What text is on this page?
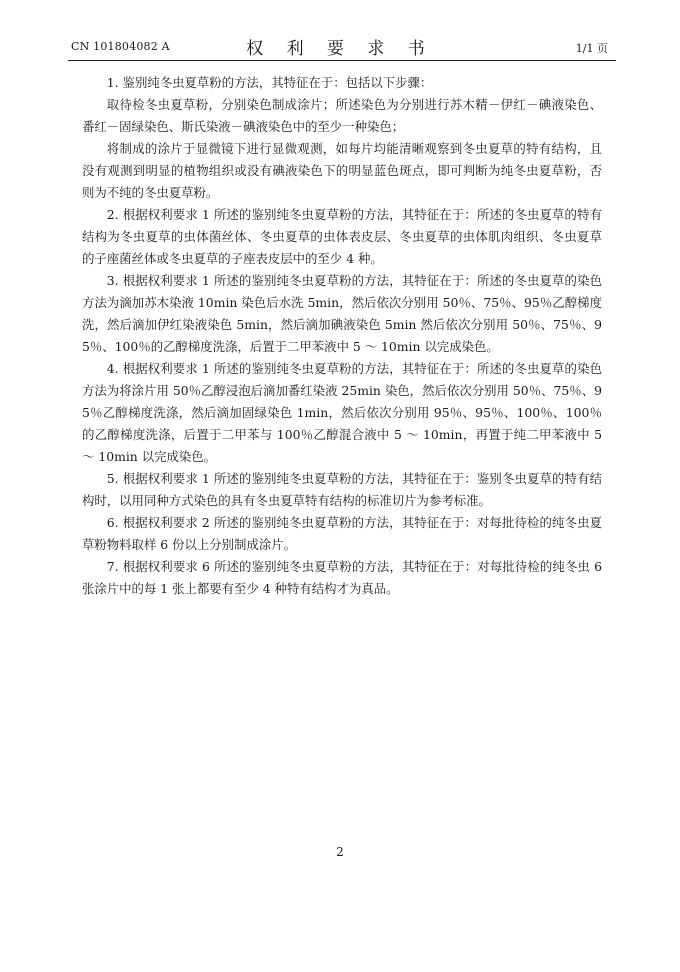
CN 101804082 A	权 利 要 求 书	1/1 页

1. 鉴别纯冬虫夏草粉的方法，其特征在于：包括以下步骤：

取待检冬虫夏草粉，分别染色制成涂片；所述染色为分别进行苏木精－伊红－碘液染色、番红－固绿染色、斯氏染液－碘液染色中的至少一种染色；

将制成的涂片于显微镜下进行显微观测，如每片均能清晰观察到冬虫夏草的特有结构，且没有观测到明显的植物组织或没有碘液染色下的明显蓝色斑点，即可判断为纯冬虫夏草粉，否则为不纯的冬虫夏草粉。

2. 根据权利要求 1 所述的鉴别纯冬虫夏草粉的方法，其特征在于：所述的冬虫夏草的特有结构为冬虫夏草的虫体菌丝体、冬虫夏草的虫体表皮层、冬虫夏草的虫体肌肉组织、冬虫夏草的子座菌丝体或冬虫夏草的子座表皮层中的至少 4 种。

3. 根据权利要求 1 所述的鉴别纯冬虫夏草粉的方法，其特征在于：所述的冬虫夏草的染色方法为滴加苏木染液 10min 染色后水洗 5min，然后依次分别用 50％、75％、95％乙醇梯度洗，然后滴加伊红染液染色 5min，然后滴加碘液染色 5min 然后依次分别用 50％、75％、95％、100％的乙醇梯度洗涤，后置于二甲苯液中 5 ～ 10min 以完成染色。

4. 根据权利要求 1 所述的鉴别纯冬虫夏草粉的方法，其特征在于：所述的冬虫夏草的染色方法为将涂片用 50％乙醇浸泡后滴加番红染液 25min 染色，然后依次分别用 50％、75％、95％乙醇梯度洗涤，然后滴加固绿染色 1min，然后依次分别用 95％、95％、100％、100％的乙醇梯度洗涤，后置于二甲苯与 100％乙醇混合液中 5 ～ 10min，再置于纯二甲苯液中 5 ～ 10min 以完成染色。

5. 根据权利要求 1 所述的鉴别纯冬虫夏草粉的方法，其特征在于：鉴别冬虫夏草的特有结构时，以用同种方式染色的具有冬虫夏草特有结构的标准切片为参考标准。

6. 根据权利要求 2 所述的鉴别纯冬虫夏草粉的方法，其特征在于：对每批待检的纯冬虫夏草粉物料取样 6 份以上分别制成涂片。

7. 根据权利要求 6 所述的鉴别纯冬虫夏草粉的方法，其特征在于：对每批待检的纯冬虫 6 张涂片中的每 1 张上都要有至少 4 种特有结构才为真品。

2
